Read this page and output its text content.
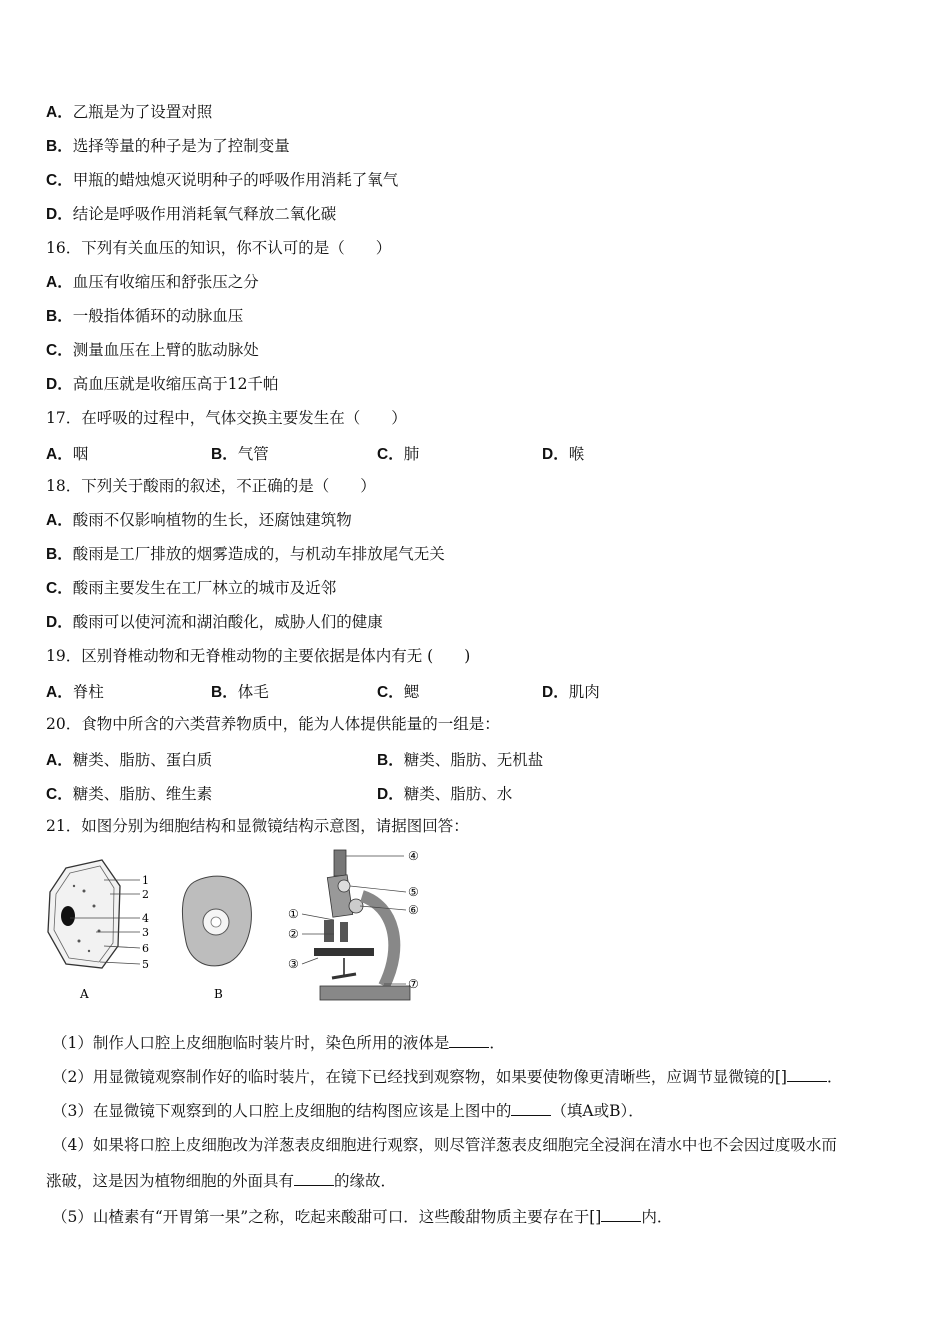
A．乙瓶是为了设置对照
B．选择等量的种子是为了控制变量
C．甲瓶的蜡烛熄灭说明种子的呼吸作用消耗了氧气
D．结论是呼吸作用消耗氧气释放二氧化碳
16．下列有关血压的知识，你不认可的是（　　）
A．血压有收缩压和舒张压之分
B．一般指体循环的动脉血压
C．测量血压在上臂的肱动脉处
D．高血压就是收缩压高于12千帕
17．在呼吸的过程中，气体交换主要发生在（　　）
A．咽	B．气管	C．肺	D．喉
18．下列关于酸雨的叙述，不正确的是（　　）
A．酸雨不仅影响植物的生长，还腐蚀建筑物
B．酸雨是工厂排放的烟雾造成的，与机动车排放尾气无关
C．酸雨主要发生在工厂林立的城市及近邻
D．酸雨可以使河流和湖泊酸化，威胁人们的健康
19．区别脊椎动物和无脊椎动物的主要依据是体内有无 (　　)
A．脊柱	B．体毛	C．鳃	D．肌肉
20．食物中所含的六类营养物质中，能为人体提供能量的一组是：
A．糖类、脂肪、蛋白质	B．糖类、脂肪、无机盐
C．糖类、脂肪、维生素	D．糖类、脂肪、水
21．如图分别为细胞结构和显微镜结构示意图，请据图回答：
1
2
3
4
5
6
A	B
①
②
③
④
⑤
⑥
⑦
（1）制作人口腔上皮细胞临时装片时，染色所用的液体是	．
（2）用显微镜观察制作好的临时装片，在镜下已经找到观察物，如果要使物像更清晰些，应调节显微镜的[]	．
（3）在显微镜下观察到的人口腔上皮细胞的结构图应该是上图中的	（填A或B）．
（4）如果将口腔上皮细胞改为洋葱表皮细胞进行观察，则尽管洋葱表皮细胞完全浸润在清水中也不会因过度吸水而
涨破，这是因为植物细胞的外面具有	的缘故．
（5）山楂素有“开胃第一果”之称，吃起来酸甜可口．这些酸甜物质主要存在于[]	内．
